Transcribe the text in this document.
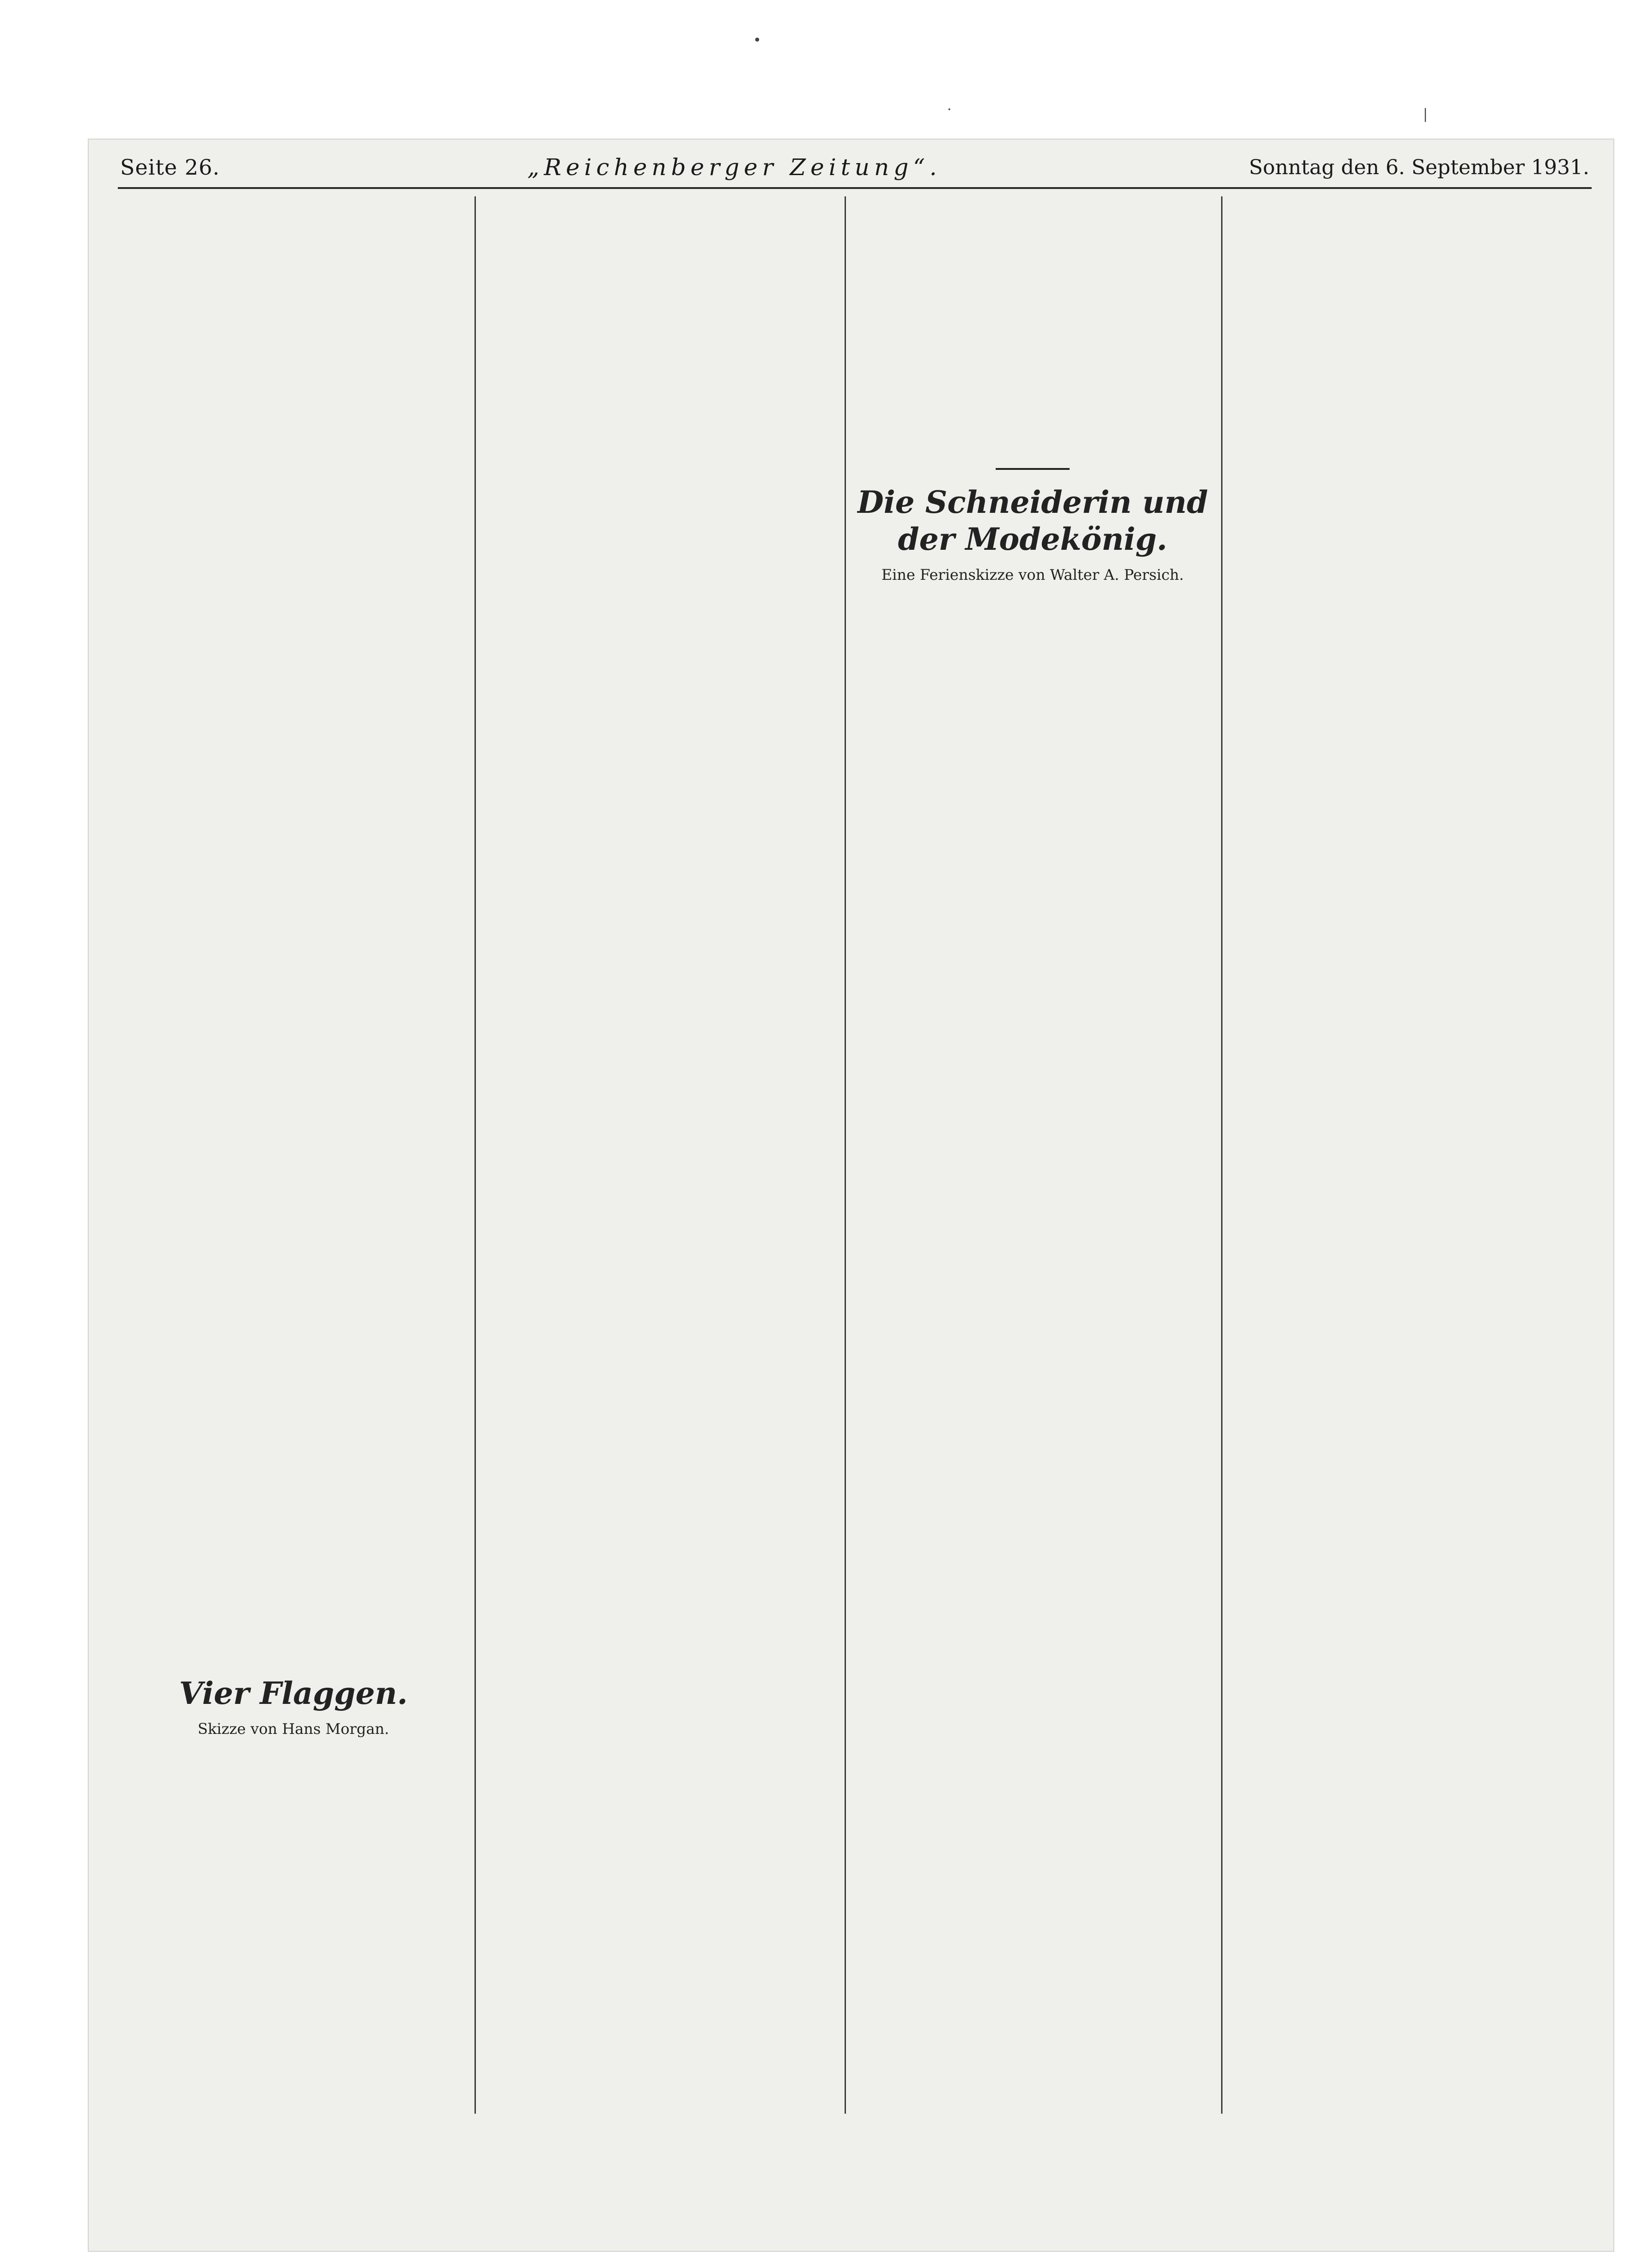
Seite 26.	„Reichenberger Zeitung“.	Sonntag den 6. September 1931.
Vier Flaggen.
Skizze von Hans Morgan.
Die Schneiderin und der Modekönig.
Eine Ferienskizze von Walter A. Persich.
•
·	|
